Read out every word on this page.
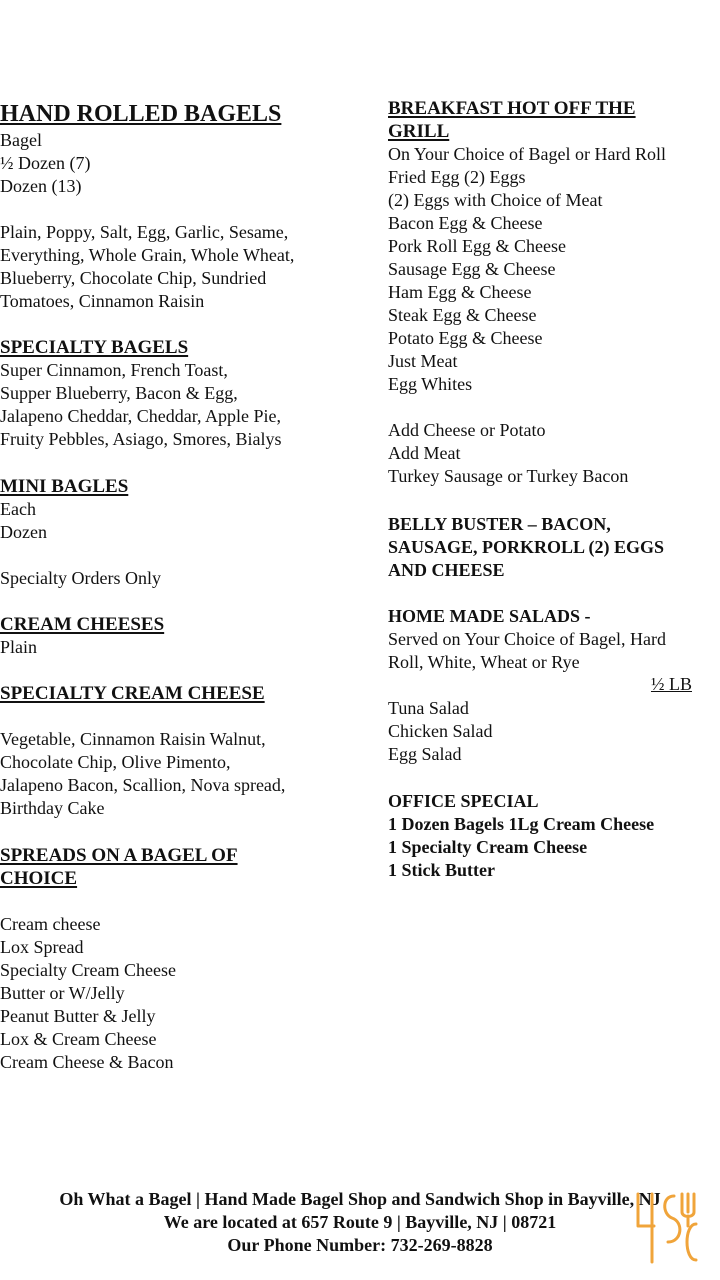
HAND ROLLED BAGELS
Bagel
½ Dozen (7)
Dozen (13)
Plain, Poppy, Salt, Egg, Garlic, Sesame,
Everything, Whole Grain, Whole Wheat,
Blueberry, Chocolate Chip, Sundried
Tomatoes, Cinnamon Raisin
SPECIALTY BAGELS
Super Cinnamon, French Toast,
Supper Blueberry, Bacon & Egg,
Jalapeno Cheddar, Cheddar, Apple Pie,
Fruity Pebbles, Asiago, Smores, Bialys
MINI BAGLES
Each
Dozen
Specialty Orders Only
CREAM CHEESES
Plain
SPECIALTY CREAM CHEESE
Vegetable, Cinnamon Raisin Walnut,
Chocolate Chip, Olive Pimento,
Jalapeno Bacon, Scallion, Nova spread,
Birthday Cake
SPREADS ON A BAGEL OF
CHOICE
Cream cheese
Lox Spread
Specialty Cream Cheese
Butter or W/Jelly
Peanut Butter & Jelly
Lox & Cream Cheese
Cream Cheese & Bacon
BREAKFAST HOT OFF THE
GRILL
On Your Choice of Bagel or Hard Roll
Fried Egg (2) Eggs
(2) Eggs with Choice of Meat
Bacon Egg & Cheese
Pork Roll Egg & Cheese
Sausage Egg & Cheese
Ham Egg & Cheese
Steak Egg & Cheese
Potato Egg & Cheese
Just Meat
Egg Whites
Add Cheese or Potato
Add Meat
Turkey Sausage or Turkey Bacon
BELLY BUSTER – BACON,
SAUSAGE, PORKROLL (2) EGGS
AND CHEESE
HOME MADE SALADS -
Served on Your Choice of Bagel, Hard
Roll, White, Wheat or Rye
½ LB
Tuna Salad
Chicken Salad
Egg Salad
OFFICE SPECIAL
1 Dozen Bagels 1Lg Cream Cheese
1 Specialty Cream Cheese
1 Stick Butter
Oh What a Bagel | Hand Made Bagel Shop and Sandwich Shop in Bayville, NJ
We are located at 657 Route 9 | Bayville, NJ | 08721
Our Phone Number: 732-269-8828
